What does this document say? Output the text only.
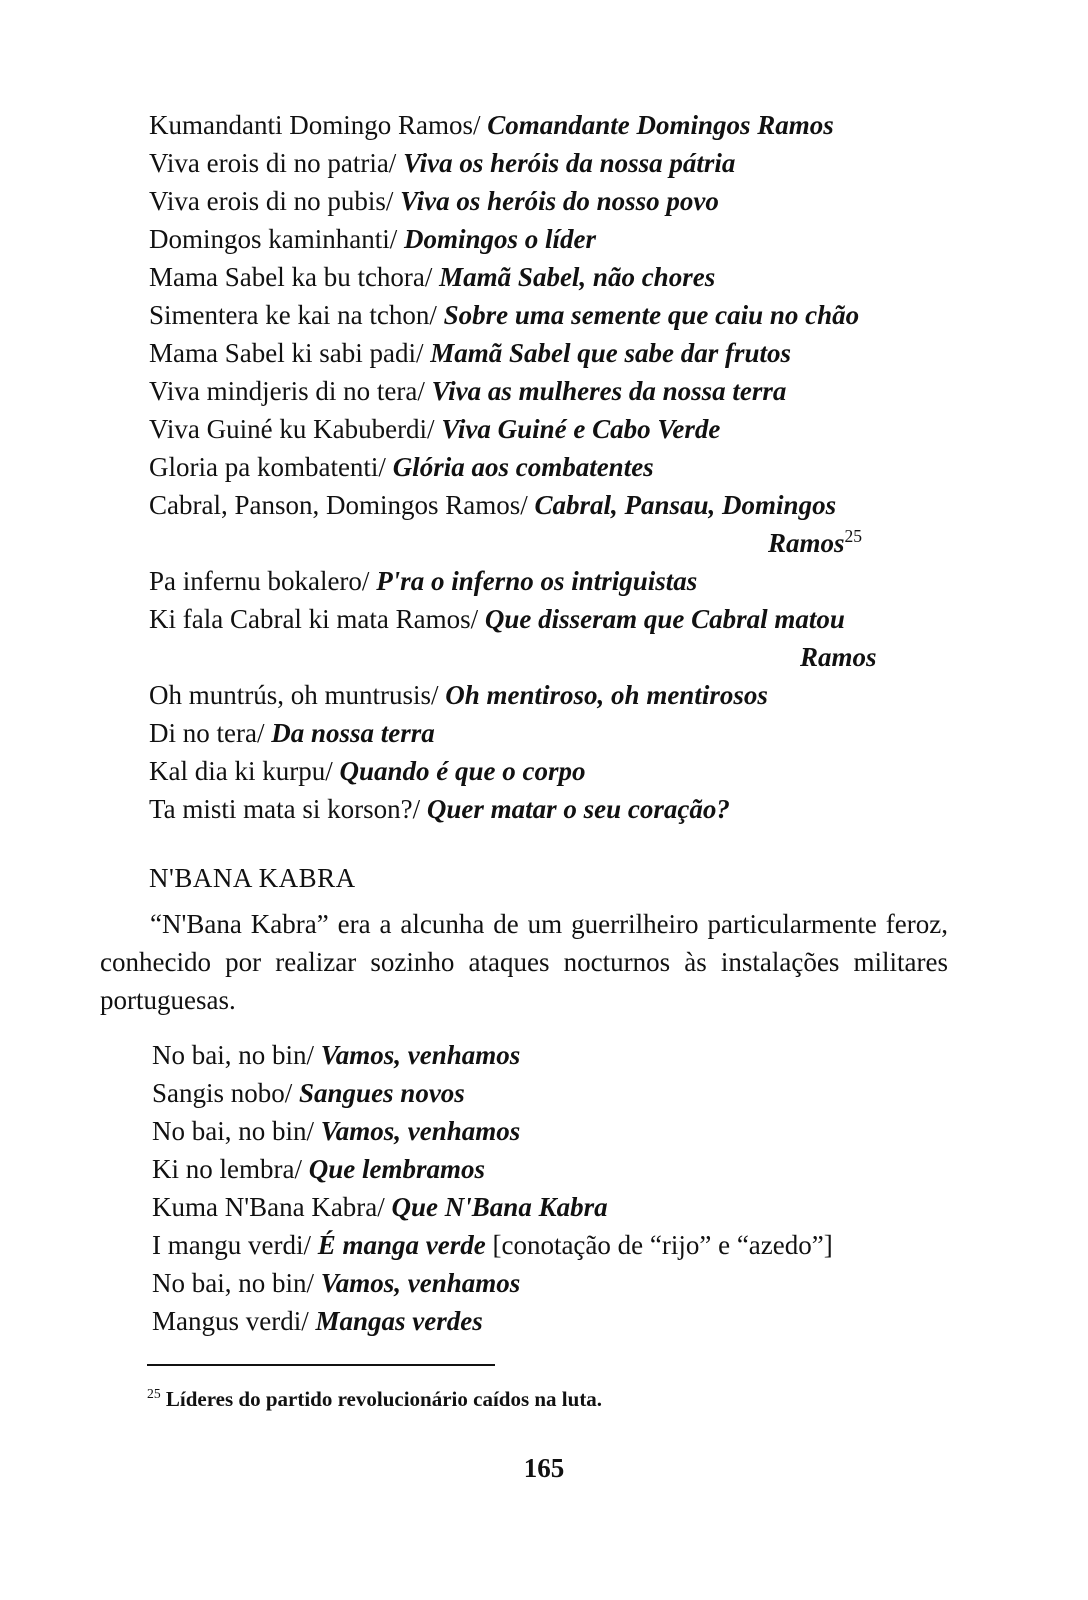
Kumandanti Domingo Ramos/ Comandante Domingos Ramos
Viva erois di no patria/ Viva os heróis da nossa pátria
Viva erois di no pubis/ Viva os heróis do nosso povo
Domingos kaminhanti/ Domingos o líder
Mama Sabel ka bu tchora/ Mamã Sabel, não chores
Simentera ke kai na tchon/ Sobre uma semente que caiu no chão
Mama Sabel ki sabi padi/ Mamã Sabel que sabe dar frutos
Viva mindjeris di no tera/ Viva as mulheres da nossa terra
Viva Guiné ku Kabuberdi/ Viva Guiné e Cabo Verde
Gloria pa kombatenti/ Glória aos combatentes
Cabral, Panson, Domingos Ramos/ Cabral, Pansau, Domingos
Ramos$^{25}$
Pa infernu bokalero/ P'ra o inferno os intriguistas
Ki fala Cabral ki mata Ramos/ Que disseram que Cabral matou
Ramos
Oh muntrús, oh muntrusis/ Oh mentiroso, oh mentirosos
Di no tera/ Da nossa terra
Kal dia ki kurpu/ Quando é que o corpo
Ta misti mata si korson?/ Quer matar o seu coração?
N'BANA KABRA
“N'Bana Kabra” era a alcunha de um guerrilheiro particularmente feroz, conhecido por realizar sozinho ataques nocturnos às instalações militares portuguesas.
No bai, no bin/ Vamos, venhamos
Sangis nobo/ Sangues novos
No bai, no bin/ Vamos, venhamos
Ki no lembra/ Que lembramos
Kuma N'Bana Kabra/ Que N'Bana Kabra
I mangu verdi/ É manga verde [conotação de “rijo” e “azedo”]
No bai, no bin/ Vamos, venhamos
Mangus verdi/ Mangas verdes
$^{25}$ Líderes do partido revolucionário caídos na luta.
165
